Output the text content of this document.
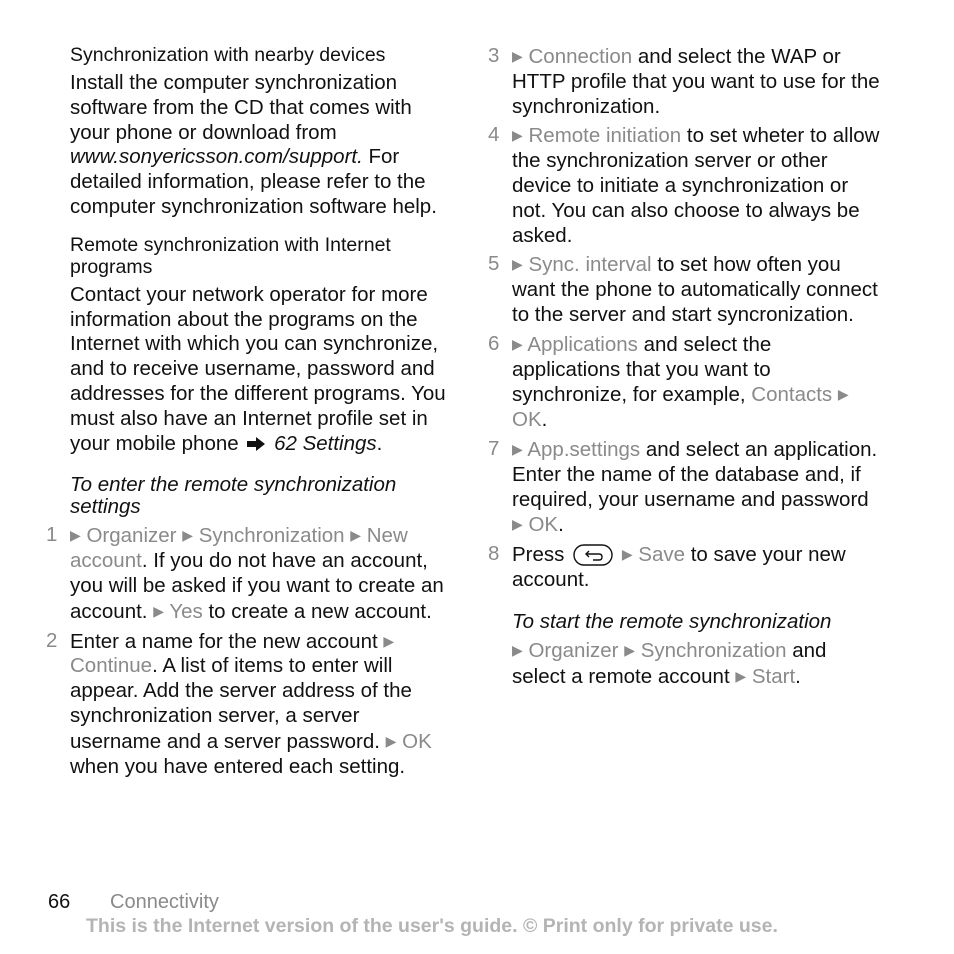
Synchronization with nearby devices

Install the computer synchronization software from the CD that comes with your phone or download from www.sonyericsson.com/support. For detailed information, please refer to the computer synchronization software help.

Remote synchronization with Internet programs

Contact your network operator for more information about the programs on the Internet with which you can synchronize, and to receive username, password and addresses for the different programs. You must also have an Internet profile set in your mobile phone 62 Settings.

To enter the remote synchronization settings
1 ▶ Organizer ▶ Synchronization ▶ New account. If you do not have an account, you will be asked if you want to create an account. ▶ Yes to create a new account.
2 Enter a name for the new account ▶ Continue. A list of items to enter will appear. Add the server address of the synchronization server, a server username and a server password. ▶ OK when you have entered each setting.
3 ▶ Connection and select the WAP or HTTP profile that you want to use for the synchronization.
4 ▶ Remote initiation to set wheter to allow the synchronization server or other device to initiate a synchronization or not. You can also choose to always be asked.
5 ▶ Sync. interval to set how often you want the phone to automatically connect to the server and start syncronization.
6 ▶ Applications and select the applications that you want to synchronize, for example, Contacts ▶ OK.
7 ▶ App.settings and select an application. Enter the name of the database and, if required, your username and password ▶ OK.
8 Press	▶ Save to save your new account.
To start the remote synchronization

▶ Organizer ▶ Synchronization and select a remote account ▶ Start.

66 Connectivity
This is the Internet version of the user's guide. © Print only for private use.
